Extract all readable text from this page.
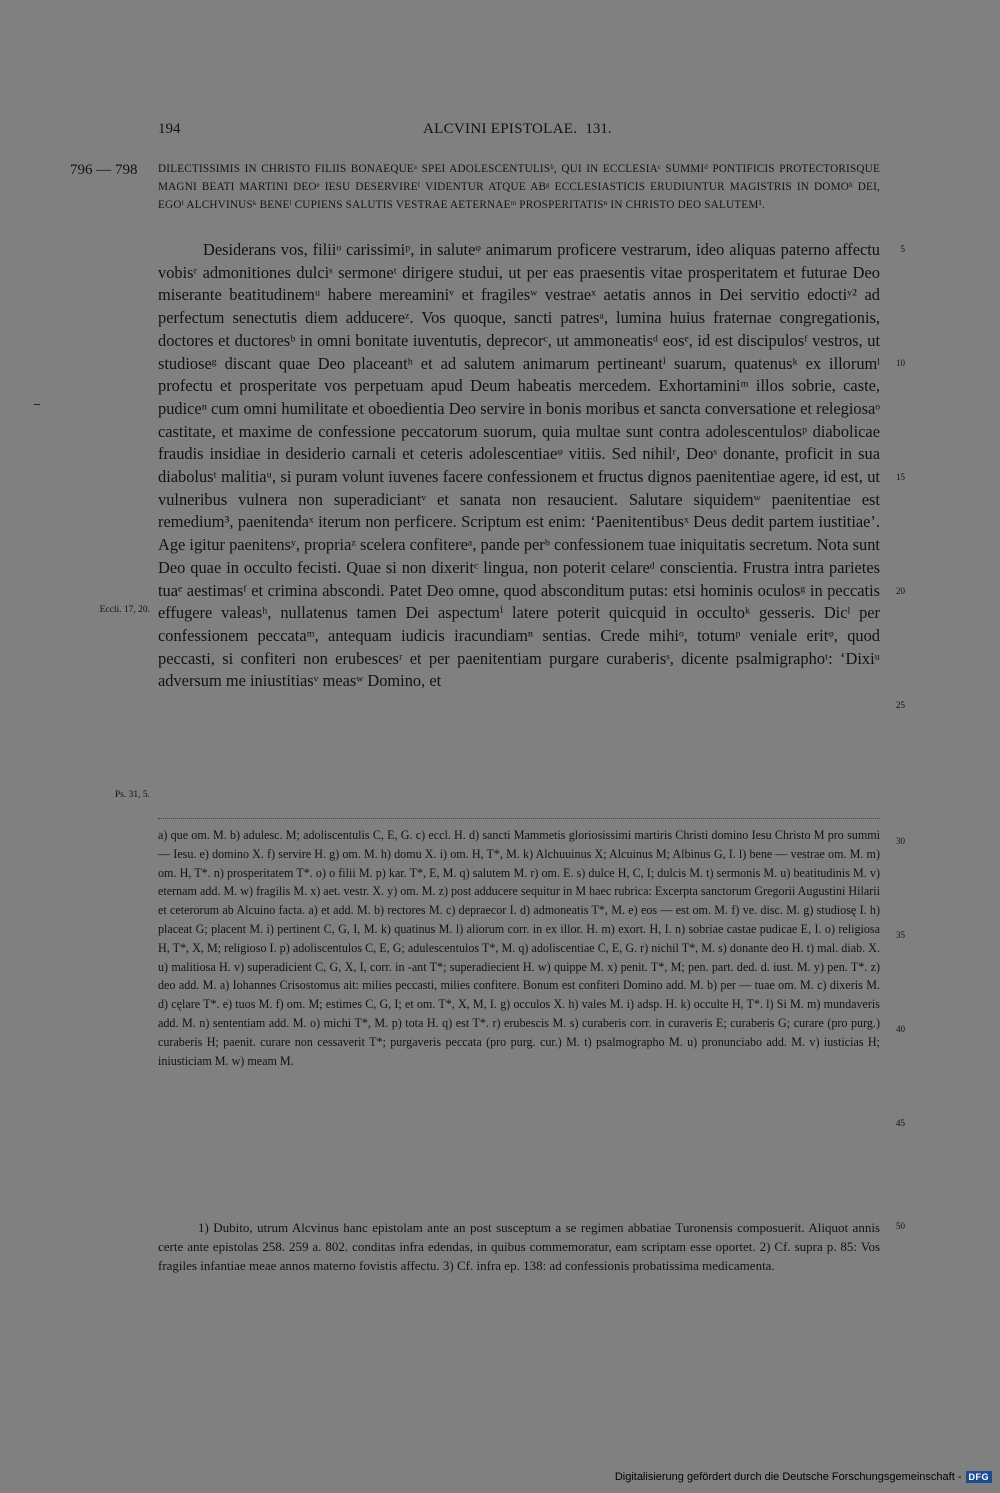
194	ALCVINI EPISTOLAE. 131.
796 — 798 DILECTISSIMIS IN CHRISTO FILIIS BONAEQUEᵃ SPEI ADOLESCENTULISᵇ, QUI IN ECCLESIAᶜ SUMMIᵈ PONTIFICIS PROTECTORISQUE MAGNI BEATI MARTINI DEOᵉ IESU DESERVIREᶠ VIDENTUR ATQUE ABᵍ ECCLESIASTICIS ERUDIUNTUR MAGISTRIS IN DOMOʰ DEI, EGOⁱ ALCHVINUSᵏ BENEˡ CUPIENS SALUTIS VESTRAE AETERNAEᵐ PROSPERITATISⁿ IN CHRISTO DEO SALUTEM¹.

Desiderans vos, filiiᵒ carissimiᵖ, in saluteᵠ animarum proficere vestrarum, ideo aliquas paterno affectu vobisʳ admonitiones dulciˢ sermoneᵗ dirigere studui, ut per eas praesentis vitae prosperitatem et futurae Deo miserante beatitudinemᵘ habere mereaminiᵛ et fragilesʷ vestraeˣ aetatis annos in Dei servitio edoctiʸ² ad perfectum senectutis diem adducereᶻ. Vos quoque, sancti patresᵃ, lumina huius fraternae congregationis, doctores et ductoresᵇ in omni bonitate iuventutis, deprecorᶜ, ut ammoneatisᵈ eosᵉ, id est discipulosᶠ vestros, ut studioseᵍ discant quae Deo placeantʰ et ad salutem animarum pertineantⁱ suarum, quatenusᵏ ex illorumˡ profectu et prosperitate vos perpetuam apud Deum habeatis mercedem. Exhortaminiᵐ illos sobrie, caste, pudiceⁿ cum omni humilitate et oboedientia Deo servire in bonis moribus et sancta conversatione et relegiosaᵒ castitate, et maxime de confessione peccatorum suorum, quia multae sunt contra adolescentulosᵖ diabolicae fraudis insidiae in desiderio carnali et ceteris adolescentiaeᵠ vitiis. Sed nihilʳ, Deoˢ donante, proficit in sua diabolusᵗ malitiaᵘ, si puram volunt iuvenes facere confessionem et fructus dignos paenitentiae agere, id est, ut vulneribus vulnera non superadiciantᵛ et sanata non resaucient. Salutare siquidemʷ paenitentiae est remedium³, paenitendaˣ iterum non perficere. Scriptum est enim: ‘Paenitentibusˣ Deus dedit partem iustitiae’. Age igitur paenitensʸ, propriaᶻ scelera confitereᵃ, pande perᵇ confessionem tuae iniquitatis secretum. Nota sunt Deo quae in occulto fecisti. Quae si non dixeritᶜ lingua, non poterit celareᵈ conscientia. Frustra intra parietes tuaᵉ aestimasᶠ et crimina abscondi. Patet Deo omne, quod absconditum putas: etsi hominis oculosᵍ in peccatis effugere valeasʰ, nullatenus tamen Dei aspectumⁱ latere poterit quicquid in occultoᵏ gesseris. Dicˡ per confessionem peccataᵐ, antequam iudicis iracundiamⁿ sentias. Crede mihiᵒ, totumᵖ veniale eritᵠ, quod peccasti, si confiteri non erubescesʳ et per paenitentiam purgare curaberisˢ, dicente psalmigraphoᵗ: ‘Dixiᵘ adversum me iniustitiasᵛ measʷ Domino, et

5
10
15
20
25
30
35
40
45
50
Eccli. 17, 20.
Ps. 31, 5.
a) que om. M. b) adulesc. M; adoliscentulis C, E, G. c) eccl. H. d) sancti Mammetis gloriosissimi martiris Christi domino Iesu Christo M pro summi — Iesu. e) domino X. f) servire H. g) om. M. h) domu X. i) om. H, T*, M. k) Alchuuinus X; Alcuinus M; Albinus G, I. l) bene — vestrae om. M. m) om. H, T*. n) prosperitatem T*. o) o filii M. p) kar. T*, E, M. q) salutem M. r) om. E. s) dulce H, C, I; dulcis M. t) sermonis M. u) beatitudinis M. v) eternam add. M. w) fragilis M. x) aet. vestr. X. y) om. M. z) post adducere sequitur in M haec rubrica: Excerpta sanctorum Gregorii Augustini Hilarii et ceterorum ab Alcuino facta. a) et add. M. b) rectores M. c) depraecor I. d) admoneatis T*, M. e) eos — est om. M. f) ve. disc. M. g) studiosę I. h) placeat G; placent M. i) pertinent C, G, I, M. k) quatinus M. l) aliorum corr. in ex illor. H. m) exort. H, I. n) sobriae castae pudicae E, I. o) religiosa H, T*, X, M; religioso I. p) adoliscentulos C, E, G; adulescentulos T*, M. q) adoliscentiae C, E, G. r) nichil T*, M. s) donante deo H. t) mal. diab. X. u) malitiosa H. v) superadicient C, G, X, I, corr. in -ant T*; superadiecient H. w) quippe M. x) penit. T*, M; pen. part. ded. d. iust. M. y) pen. T*. z) deo add. M. a) Iohannes Crisostomus ait: milies peccasti, milies confitere. Bonum est confiteri Domino add. M. b) per — tuae om. M. c) dixeris M. d) cęlare T*. e) tuos M. f) om. M; estimes C, G, I; et om. T*, X, M, I. g) occulos X. h) vales M. i) adsp. H. k) occulte H, T*. l) Si M. m) mundaveris add. M. n) sententiam add. M. o) michi T*, M. p) tota H. q) est T*. r) erubescis M. s) curaberis corr. in curaveris E; curaberis G; curare (pro purg.) curaberis H; paenit. curare non cessaverit T*; purgaveris peccata (pro purg. cur.) M. t) psalmographo M. u) pronunciabo add. M. v) iusticias H; iniusticiam M. w) meam M.

1) Dubito, utrum Alcvinus hanc epistolam ante an post susceptum a se regimen abbatiae Turonensis composuerit. Aliquot annis certe ante epistolas 258. 259 a. 802. conditas infra edendas, in quibus commemoratur, eam scriptam esse oportet. 2) Cf. supra p. 85: Vos fragiles infantiae meae annos materno fovistis affectu. 3) Cf. infra ep. 138: ad confessionis probatissima medicamenta.

Digitalisierung gefördert durch die Deutsche Forschungsgemeinschaft - DFG
